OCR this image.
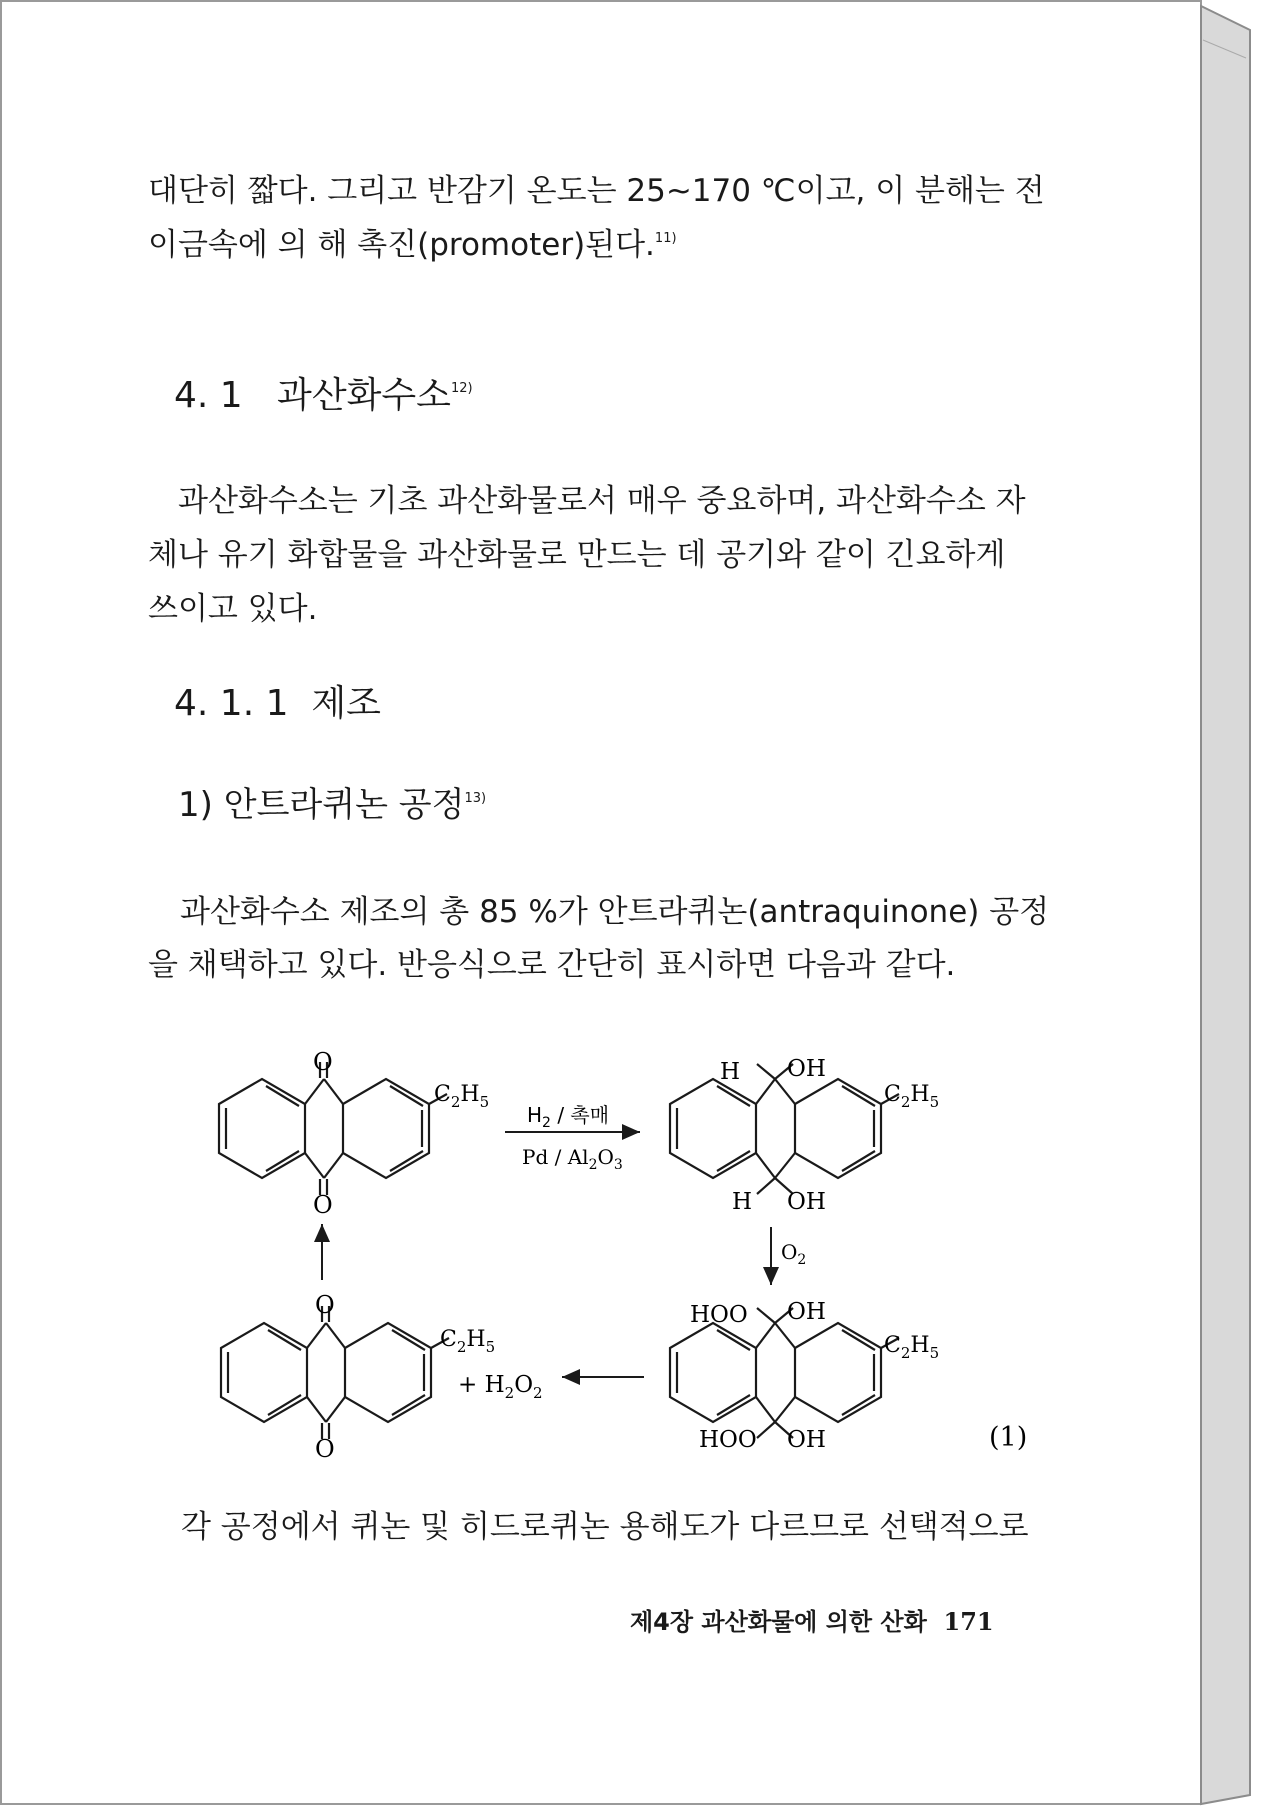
대단히 짧다. 그리고 반감기 온도는 25∼170 ℃이고, 이 분해는 전
이금속에 의 해 촉진(promoter)된다.$^{11)}$
4. 1 과산화수소$^{12)}$
과산화수소는 기초 과산화물로서 매우 중요하며, 과산화수소 자
체나 유기 화합물을 과산화물로 만드는 데 공기와 같이 긴요하게
쓰이고 있다.
4. 1. 1 제조
1) 안트라퀴논 공정$^{13)}$
과산화수소 제조의 총 85 %가 안트라퀴논(antraquinone) 공정
을 채택하고 있다. 반응식으로 간단히 표시하면 다음과 같다.
O
O
$C_2H_5$
$H_2$ / 촉매
Pd / $Al_2O_3$
H OH
H OH
$C_2H_5$
$O_2$
HOO OH
HOO OH
$C_2H_5$
O
O
$C_2H_5$
+ $H_2O_2$
(1)
각 공정에서 퀴논 및 히드로퀴논 용해도가 다르므로 선택적으로
제4장 과산화물에 의한 산화 171
